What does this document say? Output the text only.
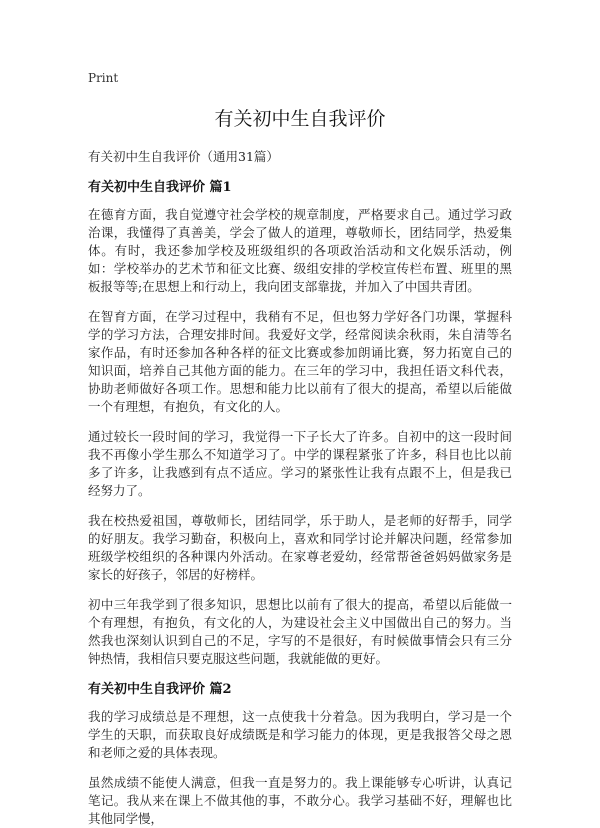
Print

有关初中生自我评价

有关初中生自我评价（通用31篇）

有关初中生自我评价 篇1

在德育方面，我自觉遵守社会学校的规章制度，严格要求自己。通过学习政治课，我懂得了真善美，学会了做人的道理，尊敬师长，团结同学，热爱集体。有时，我还参加学校及班级组织的各项政治活动和文化娱乐活动，例如：学校举办的艺术节和征文比赛、级组安排的学校宣传栏布置、班里的黑板报等等;在思想上和行动上，我向团支部靠拢，并加入了中国共青团。

在智育方面，在学习过程中，我稍有不足，但也努力学好各门功课，掌握科学的学习方法，合理安排时间。我爱好文学，经常阅读余秋雨，朱自清等名家作品，有时还参加各种各样的征文比赛或参加朗诵比赛，努力拓宽自己的知识面，培养自己其他方面的能力。在三年的学习中，我担任语文科代表，协助老师做好各项工作。思想和能力比以前有了很大的提高，希望以后能做一个有理想，有抱负，有文化的人。

通过较长一段时间的学习，我觉得一下子长大了许多。自初中的这一段时间我不再像小学生那么不知道学习了。中学的课程紧张了许多，科目也比以前多了许多，让我感到有点不适应。学习的紧张性让我有点跟不上，但是我已经努力了。

我在校热爱祖国，尊敬师长，团结同学，乐于助人，是老师的好帮手，同学的好朋友。我学习勤奋，积极向上，喜欢和同学讨论并解决问题，经常参加班级学校组织的各种课内外活动。在家尊老爱幼，经常帮爸爸妈妈做家务是家长的好孩子，邻居的好榜样。

初中三年我学到了很多知识，思想比以前有了很大的提高，希望以后能做一个有理想，有抱负，有文化的人，为建设社会主义中国做出自己的努力。当然我也深刻认识到自己的不足，字写的不是很好，有时候做事情会只有三分钟热情，我相信只要克服这些问题，我就能做的更好。

有关初中生自我评价 篇2

我的学习成绩总是不理想，这一点使我十分着急。因为我明白，学习是一个学生的天职，而获取良好成绩既是和学习能力的体现，更是我报答父母之恩和老师之爱的具体表现。

虽然成绩不能使人满意，但我一直是努力的。我上课能够专心听讲，认真记笔记。我从来在课上不做其他的事，不敢分心。我学习基础不好，理解也比其他同学慢，
